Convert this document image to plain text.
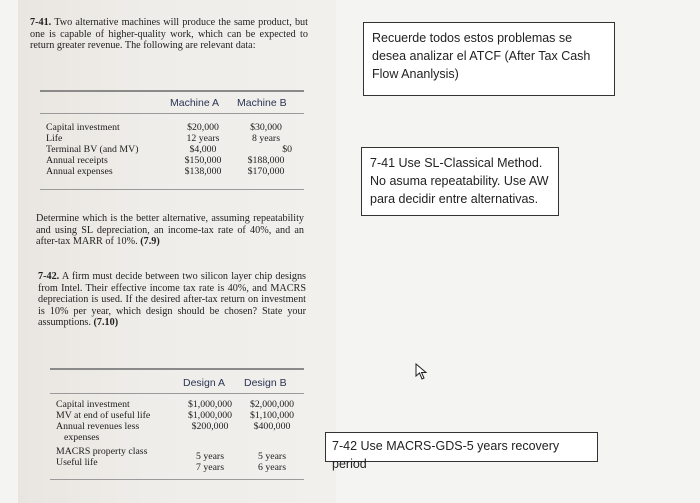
7-41. Two alternative machines will produce the same product, but one is capable of higher-quality work, which can be expected to return greater revenue. The following are relevant data:
Machine A Machine B
Capital investment	$20,000	$30,000
Life	12 years	8 years
Terminal BV (and MV)	$4,000	$0
Annual receipts	$150,000	$188,000
Annual expenses	$138,000	$170,000
Determine which is the better alternative, assuming repeatability and using SL depreciation, an income-tax rate of 40%, and an after-tax MARR of 10%. (7.9)
7-42. A firm must decide between two silicon layer chip designs from Intel. Their effective income tax rate is 40%, and MACRS depreciation is used. If the desired after-tax return on investment is 10% per year, which design should be chosen? State your assumptions. (7.10)
Design A Design B
Capital investment	$1,000,000	$2,000,000
MV at end of useful life	$1,000,000	$1,100,000
Annual revenues less	$200,000	$400,000
expenses
MACRS property class	5 years	5 years
Useful life	7 years	6 years
Recuerde todos estos problemas se
desea analizar el ATCF (After Tax Cash
Flow Ananlysis)
7-41 Use SL-Classical Method.
No asuma repeatability. Use AW
para decidir entre alternativas.
7-42 Use MACRS-GDS-5 years recovery period
